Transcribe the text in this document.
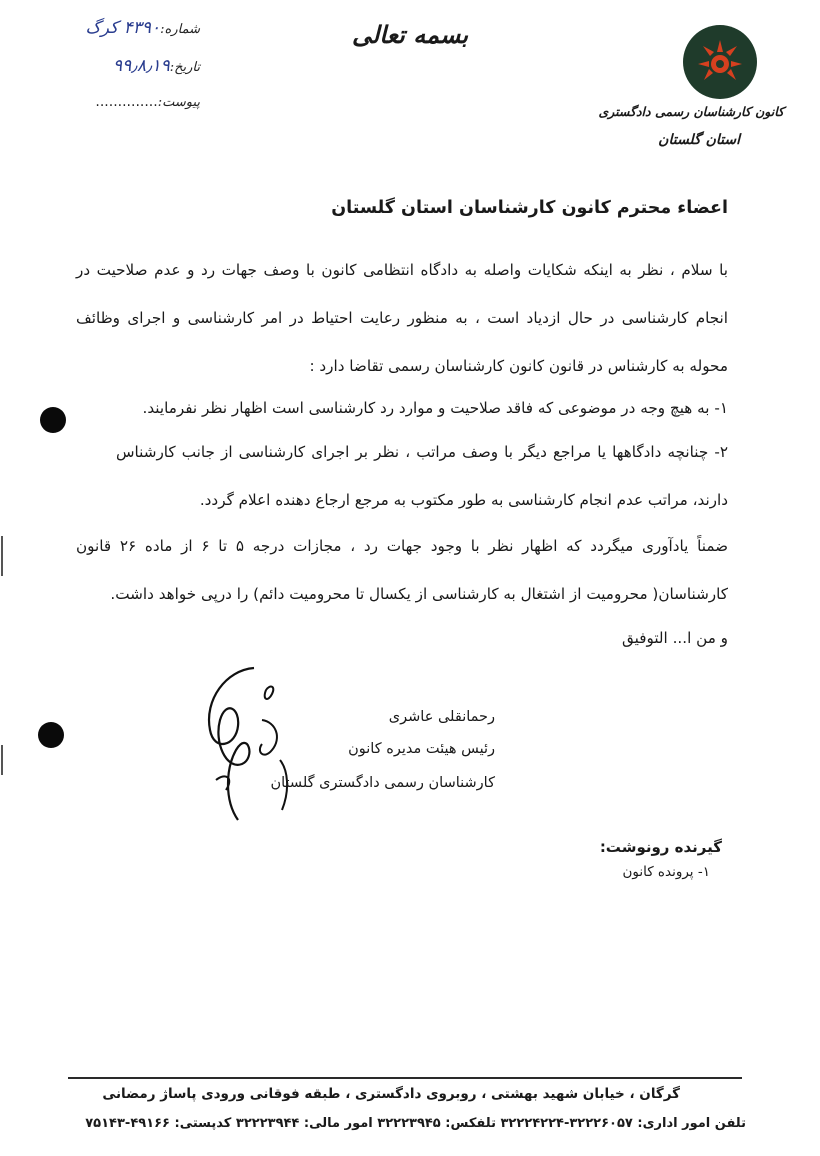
شماره:۴۳۹۰ کرگ
تاریخ:۹۹٫۸٫۱۹
پیوست:..............
بسمه تعالی
کانون کارشناسان رسمی دادگستری
استان گلستان
اعضاء محترم کانون کارشناسان استان گلستان
با سلام ، نظر به اینکه شکایات واصله به دادگاه انتظامی کانون با وصف جهات رد و عدم صلاحیت در انجام کارشناسی در حال ازدیاد است ، به منظور رعایت احتیاط در امر کارشناسی و اجرای وظائف محوله به کارشناس در قانون کانون کارشناسان رسمی تقاضا دارد :
۱- به هیچ وجه در موضوعی که فاقد صلاحیت و موارد رد کارشناسی است اظهار نظر نفرمایند.
۲- چنانچه دادگاهها یا مراجع دیگر با وصف مراتب ، نظر بر اجرای کارشناسی از جانب کارشناس دارند، مراتب عدم انجام کارشناسی به طور مکتوب به مرجع ارجاع دهنده اعلام گردد.
ضمناً یادآوری میگردد که اظهار نظر با وجود جهات رد ، مجازات درجه ۵ تا ۶ از ماده ۲۶ قانون کارشناسان( محرومیت از اشتغال به کارشناسی از یکسال تا محرومیت دائم) را درپی خواهد داشت.
و من ا... التوفیق
رحمانقلی عاشری
رئیس هیئت مدیره کانون
کارشناسان رسمی دادگستری گلستان
گیرنده رونوشت:
۱- پرونده کانون
گرگان ، خیابان شهید بهشتی ، روبروی دادگستری ، طبقه فوقانی ورودی پاساژ رمضانی
تلفن امور اداری: ۳۲۲۲۶۰۵۷-۳۲۲۲۴۲۲۴ تلفکس: ۳۲۲۲۳۹۴۵ امور مالی: ۳۲۲۲۳۹۴۴ کدپستی: ۴۹۱۶۶-۷۵۱۴۳
